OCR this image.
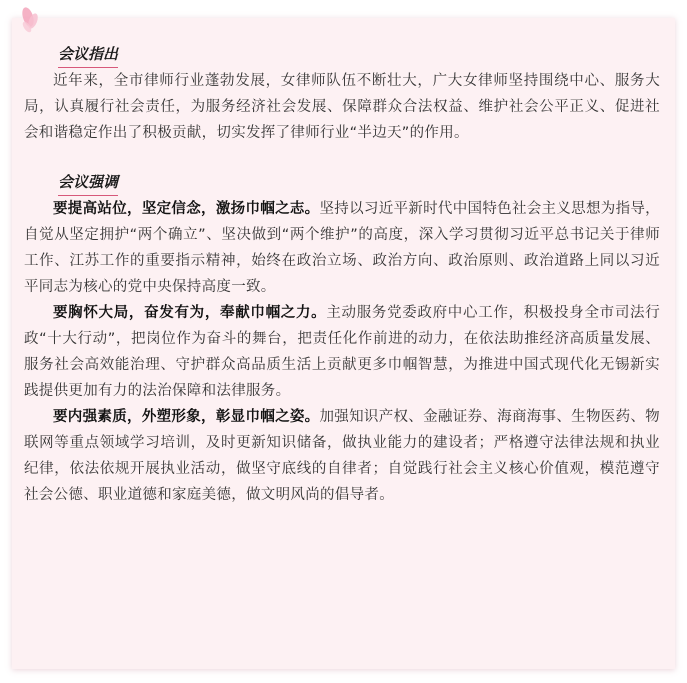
会议指出

近年来，全市律师行业蓬勃发展，女律师队伍不断壮大，广大女律师坚持围绕中心、服务大局，认真履行社会责任，为服务经济社会发展、保障群众合法权益、维护社会公平正义、促进社会和谐稳定作出了积极贡献，切实发挥了律师行业“半边天”的作用。

会议强调

要提高站位，坚定信念，激扬巾帼之志。坚持以习近平新时代中国特色社会主义思想为指导，自觉从坚定拥护“两个确立”、坚决做到“两个维护”的高度，深入学习贯彻习近平总书记关于律师工作、江苏工作的重要指示精神，始终在政治立场、政治方向、政治原则、政治道路上同以习近平同志为核心的党中央保持高度一致。

要胸怀大局，奋发有为，奉献巾帼之力。主动服务党委政府中心工作，积极投身全市司法行政“十大行动”，把岗位作为奋斗的舞台，把责任化作前进的动力，在依法助推经济高质量发展、服务社会高效能治理、守护群众高品质生活上贡献更多巾帼智慧，为推进中国式现代化无锡新实践提供更加有力的法治保障和法律服务。

要内强素质，外塑形象，彰显巾帼之姿。加强知识产权、金融证券、海商海事、生物医药、物联网等重点领域学习培训，及时更新知识储备，做执业能力的建设者；严格遵守法律法规和执业纪律，依法依规开展执业活动，做坚守底线的自律者；自觉践行社会主义核心价值观，模范遵守社会公德、职业道德和家庭美德，做文明风尚的倡导者。
